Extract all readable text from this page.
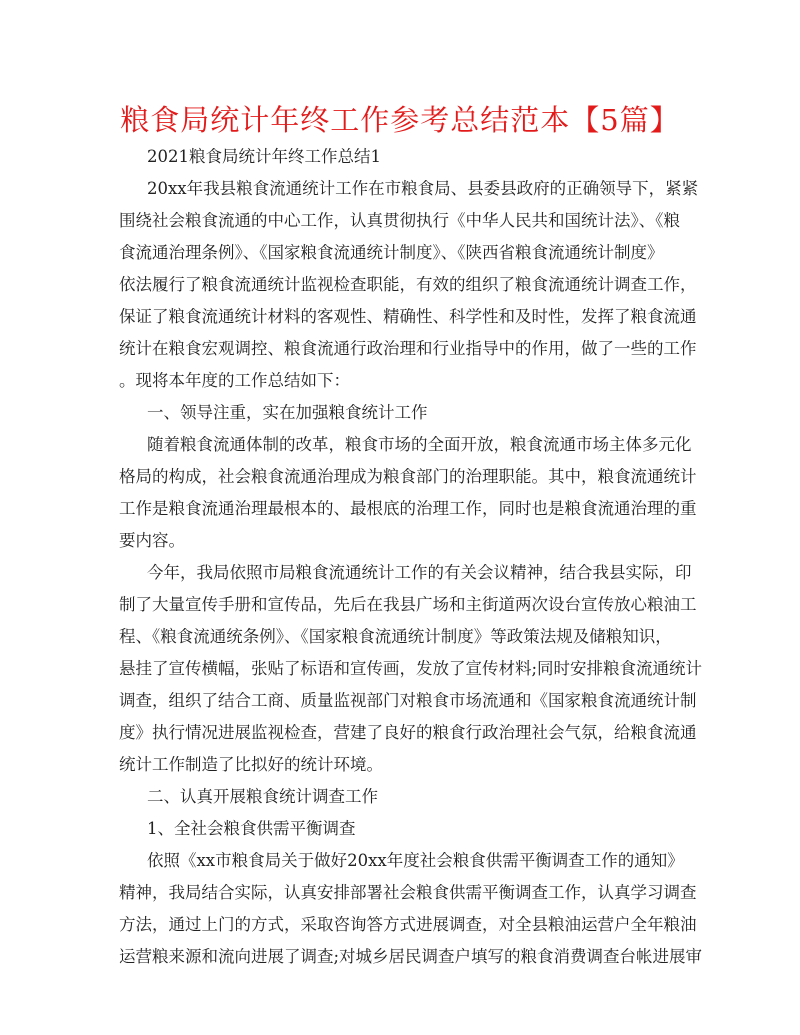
粮食局统计年终工作参考总结范本【5篇】
2021粮食局统计年终工作总结1
20xx年我县粮食流通统计工作在市粮食局、县委县政府的正确领导下，紧紧
围绕社会粮食流通的中心工作，认真贯彻执行《中华人民共和国统计法》、《粮
食流通治理条例》、《国家粮食流通统计制度》、《陕西省粮食流通统计制度》
依法履行了粮食流通统计监视检查职能，有效的组织了粮食流通统计调查工作，
保证了粮食流通统计材料的客观性、精确性、科学性和及时性，发挥了粮食流通
统计在粮食宏观调控、粮食流通行政治理和行业指导中的作用，做了一些的工作
。现将本年度的工作总结如下：
一、领导注重，实在加强粮食统计工作
随着粮食流通体制的改革，粮食市场的全面开放，粮食流通市场主体多元化
格局的构成，社会粮食流通治理成为粮食部门的治理职能。其中，粮食流通统计
工作是粮食流通治理最根本的、最根底的治理工作，同时也是粮食流通治理的重
要内容。
今年，我局依照市局粮食流通统计工作的有关会议精神，结合我县实际，印
制了大量宣传手册和宣传品，先后在我县广场和主街道两次设台宣传放心粮油工
程、《粮食流通统条例》、《国家粮食流通统计制度》等政策法规及储粮知识，
悬挂了宣传横幅，张贴了标语和宣传画，发放了宣传材料;同时安排粮食流通统计
调查，组织了结合工商、质量监视部门对粮食市场流通和《国家粮食流通统计制
度》执行情况进展监视检查，营建了良好的粮食行政治理社会气氛，给粮食流通
统计工作制造了比拟好的统计环境。
二、认真开展粮食统计调查工作
1、全社会粮食供需平衡调查
依照《xx市粮食局关于做好20xx年度社会粮食供需平衡调查工作的通知》
精神，我局结合实际，认真安排部署社会粮食供需平衡调查工作，认真学习调查
方法，通过上门的方式，采取咨询答方式进展调查，对全县粮油运营户全年粮油
运营粮来源和流向进展了调查;对城乡居民调查户填写的粮食消费调查台帐进展审
